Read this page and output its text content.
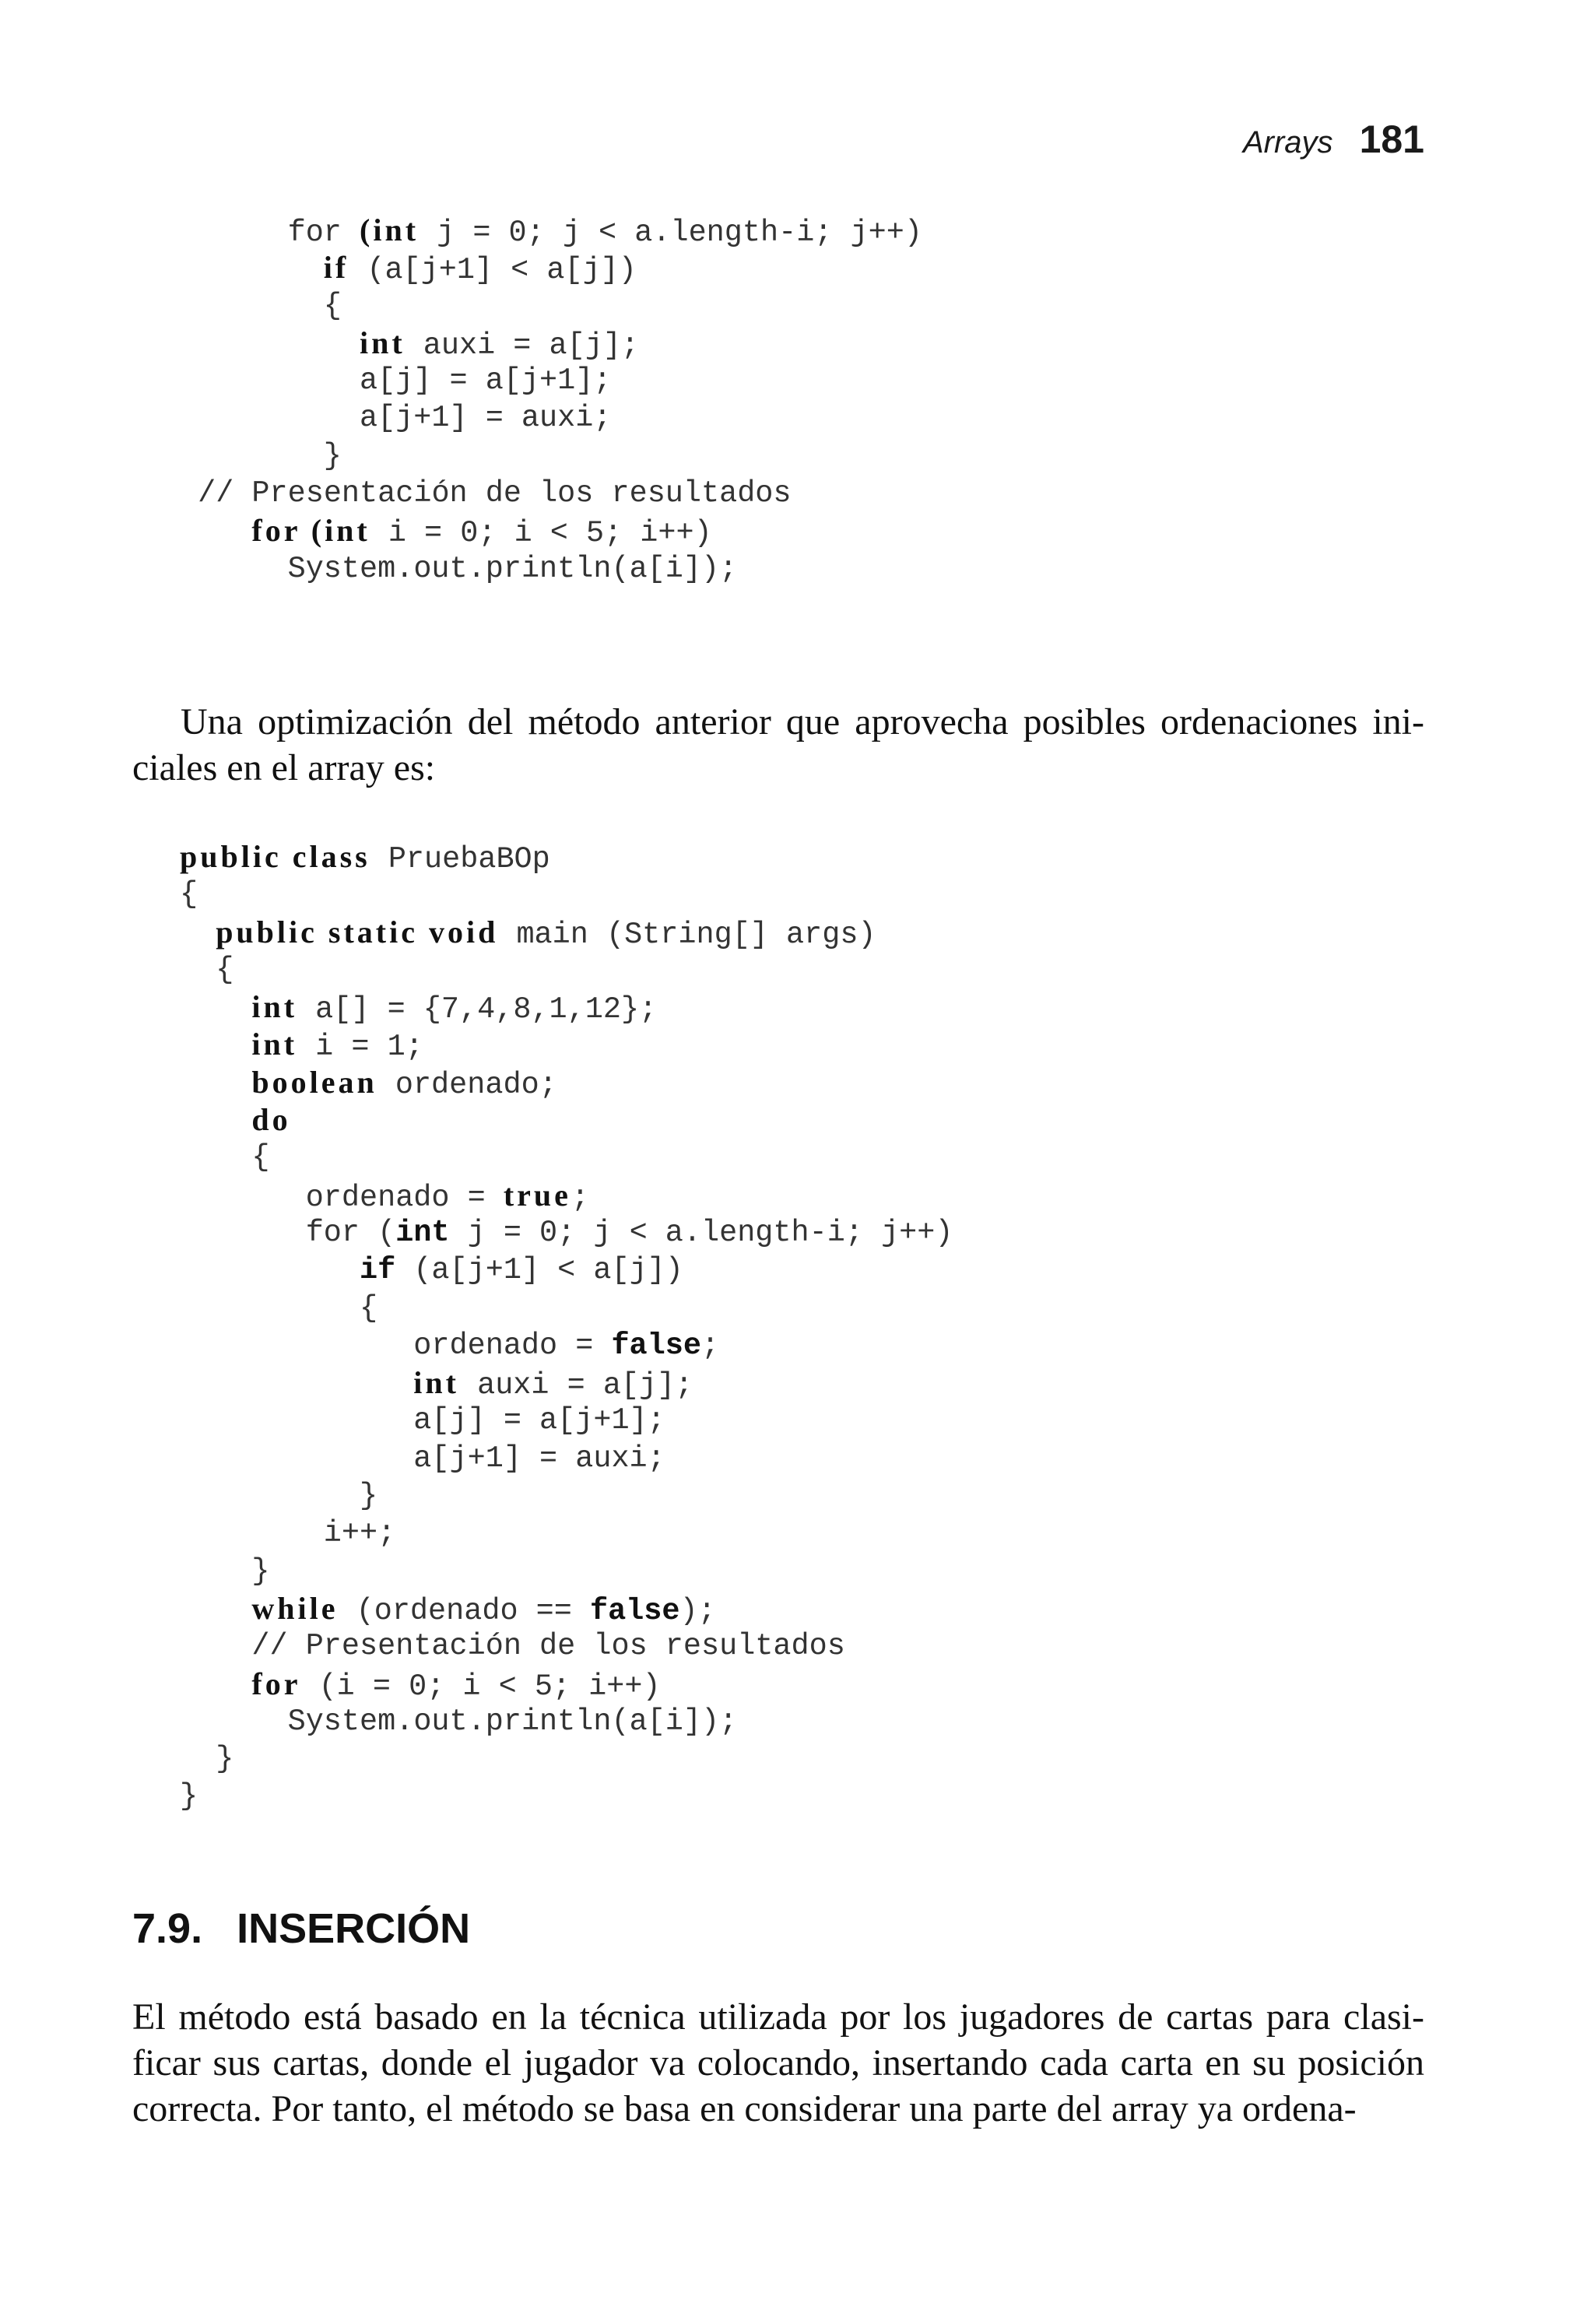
Arrays 181
for (int j = 0; j < a.length-i; j++)
if (a[j+1] < a[j])
{
int auxi = a[j];
a[j] = a[j+1];
a[j+1] = auxi;
}
// Presentación de los resultados
for (int i = 0; i < 5; i++)
System.out.println(a[i]);

Una optimización del método anterior que aprovecha posibles ordenaciones ini-
ciales en el array es:

public class PruebaBOp
{
public static void main (String[] args)
{
int a[] = {7,4,8,1,12};
int i = 1;
boolean ordenado;
do
{
ordenado = true;
for (int j = 0; j < a.length-i; j++)
if (a[j+1] < a[j])
{
ordenado = false;
int auxi = a[j];
a[j] = a[j+1];
a[j+1] = auxi;
}
i++;
}
while (ordenado == false);
// Presentación de los resultados
for (i = 0; i < 5; i++)
System.out.println(a[i]);
}
}
7.9. INSERCIÓN

El método está basado en la técnica utilizada por los jugadores de cartas para clasi-
ficar sus cartas, donde el jugador va colocando, insertando cada carta en su posición
correcta. Por tanto, el método se basa en considerar una parte del array ya ordena-
